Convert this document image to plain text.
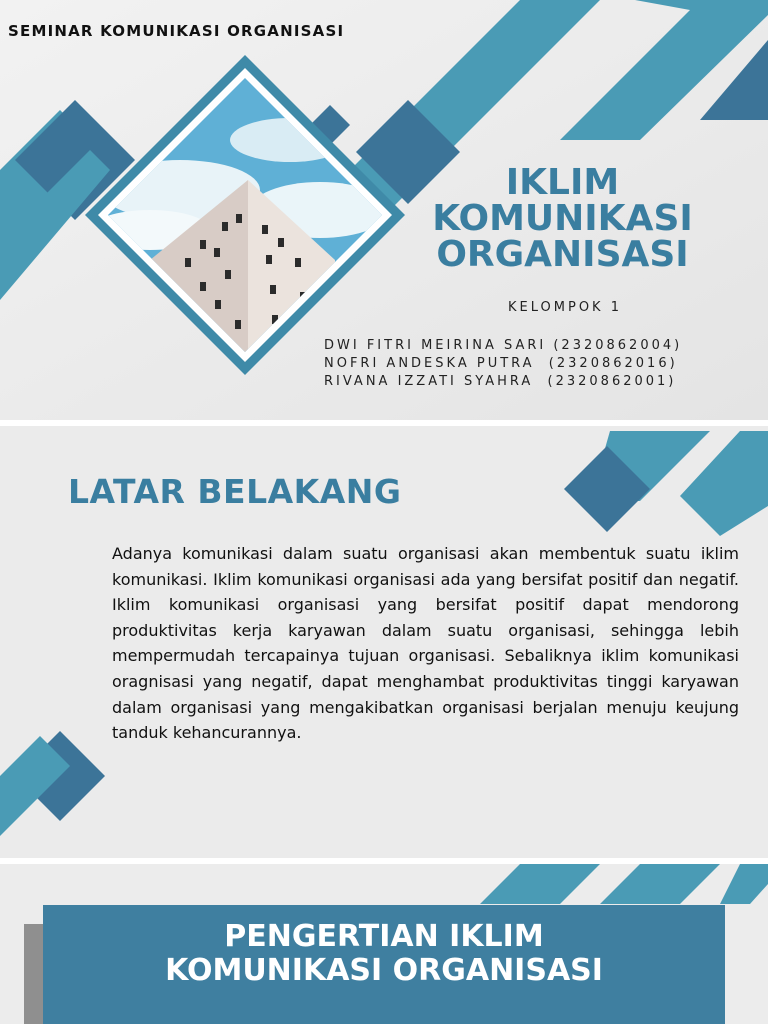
SEMINAR KOMUNIKASI ORGANISASI
IKLIM
KOMUNIKASI
ORGANISASI
KELOMPOK 1
DWI FITRI MEIRINA SARI (2320862004)
NOFRI ANDESKA PUTRA  (2320862016)
RIVANA IZZATI SYAHRA  (2320862001)
LATAR BELAKANG
Adanya komunikasi dalam suatu organisasi akan membentuk suatu iklim komunikasi. Iklim komunikasi organisasi ada yang bersifat positif dan negatif. Iklim komunikasi organisasi yang bersifat positif dapat mendorong produktivitas kerja karyawan dalam suatu organisasi, sehingga lebih mempermudah tercapainya tujuan organisasi. Sebaliknya iklim komunikasi oragnisasi yang negatif, dapat menghambat produktivitas tinggi karyawan dalam organisasi yang mengakibatkan organisasi berjalan menuju keujung tanduk kehancurannya.
PENGERTIAN IKLIM
KOMUNIKASI ORGANISASI
